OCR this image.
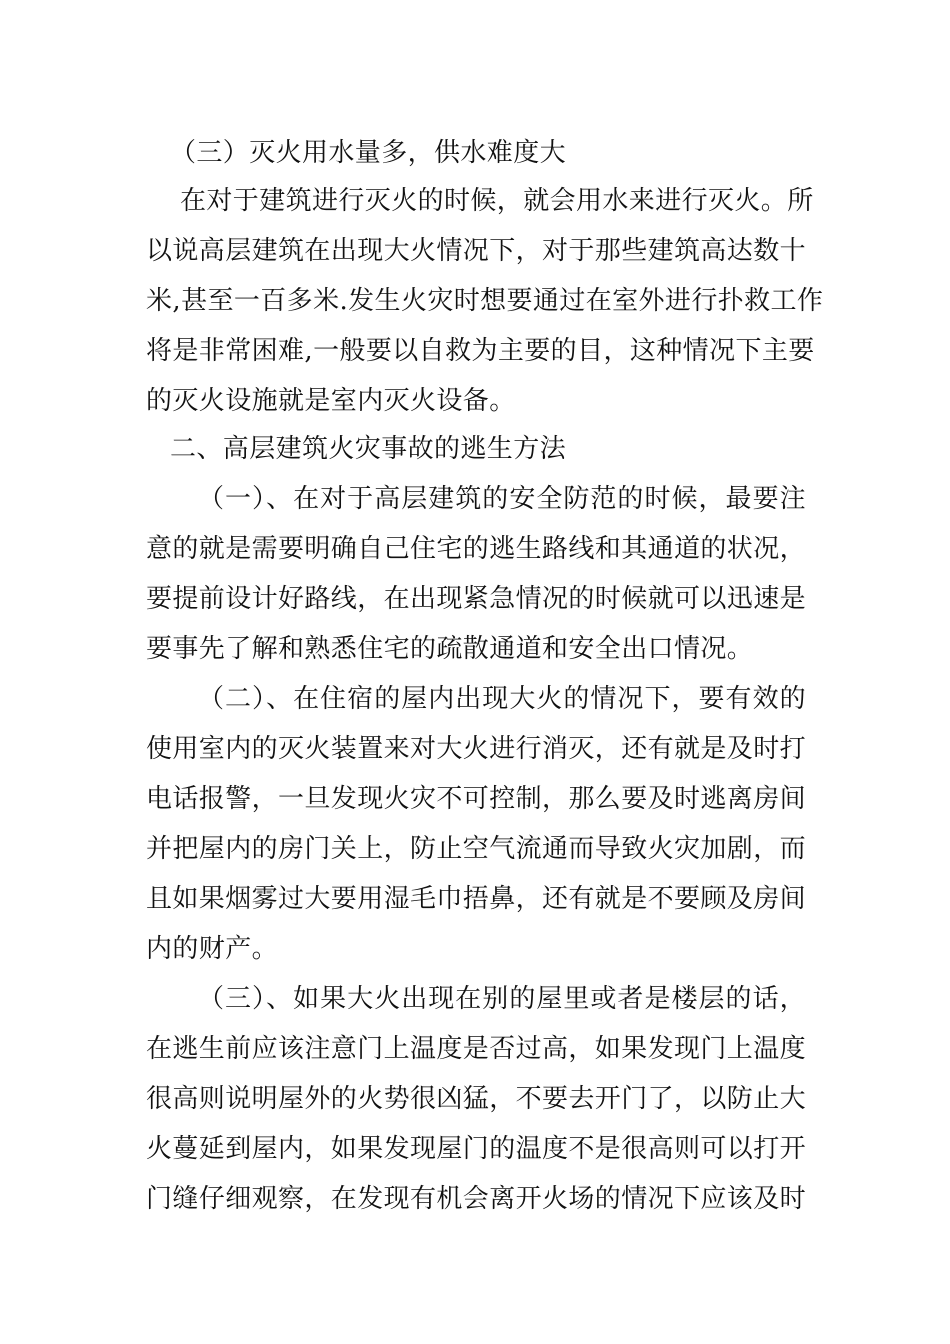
（三）灭火用水量多，供水难度大
在对于建筑进行灭火的时候，就会用水来进行灭火。所
以说高层建筑在出现大火情况下，对于那些建筑高达数十
米,甚至一百多米.发生火灾时想要通过在室外进行扑救工作
将是非常困难,一般要以自救为主要的目，这种情况下主要
的灭火设施就是室内灭火设备。
二、高层建筑火灾事故的逃生方法
（一）、在对于高层建筑的安全防范的时候，最要注
意的就是需要明确自己住宅的逃生路线和其通道的状况，
要提前设计好路线，在出现紧急情况的时候就可以迅速是
要事先了解和熟悉住宅的疏散通道和安全出口情况。
（二）、在住宿的屋内出现大火的情况下，要有效的
使用室内的灭火装置来对大火进行消灭，还有就是及时打
电话报警，一旦发现火灾不可控制，那么要及时逃离房间
并把屋内的房门关上，防止空气流通而导致火灾加剧，而
且如果烟雾过大要用湿毛巾捂鼻，还有就是不要顾及房间
内的财产。
（三）、如果大火出现在别的屋里或者是楼层的话，
在逃生前应该注意门上温度是否过高，如果发现门上温度
很高则说明屋外的火势很凶猛，不要去开门了，以防止大
火蔓延到屋内，如果发现屋门的温度不是很高则可以打开
门缝仔细观察，在发现有机会离开火场的情况下应该及时
